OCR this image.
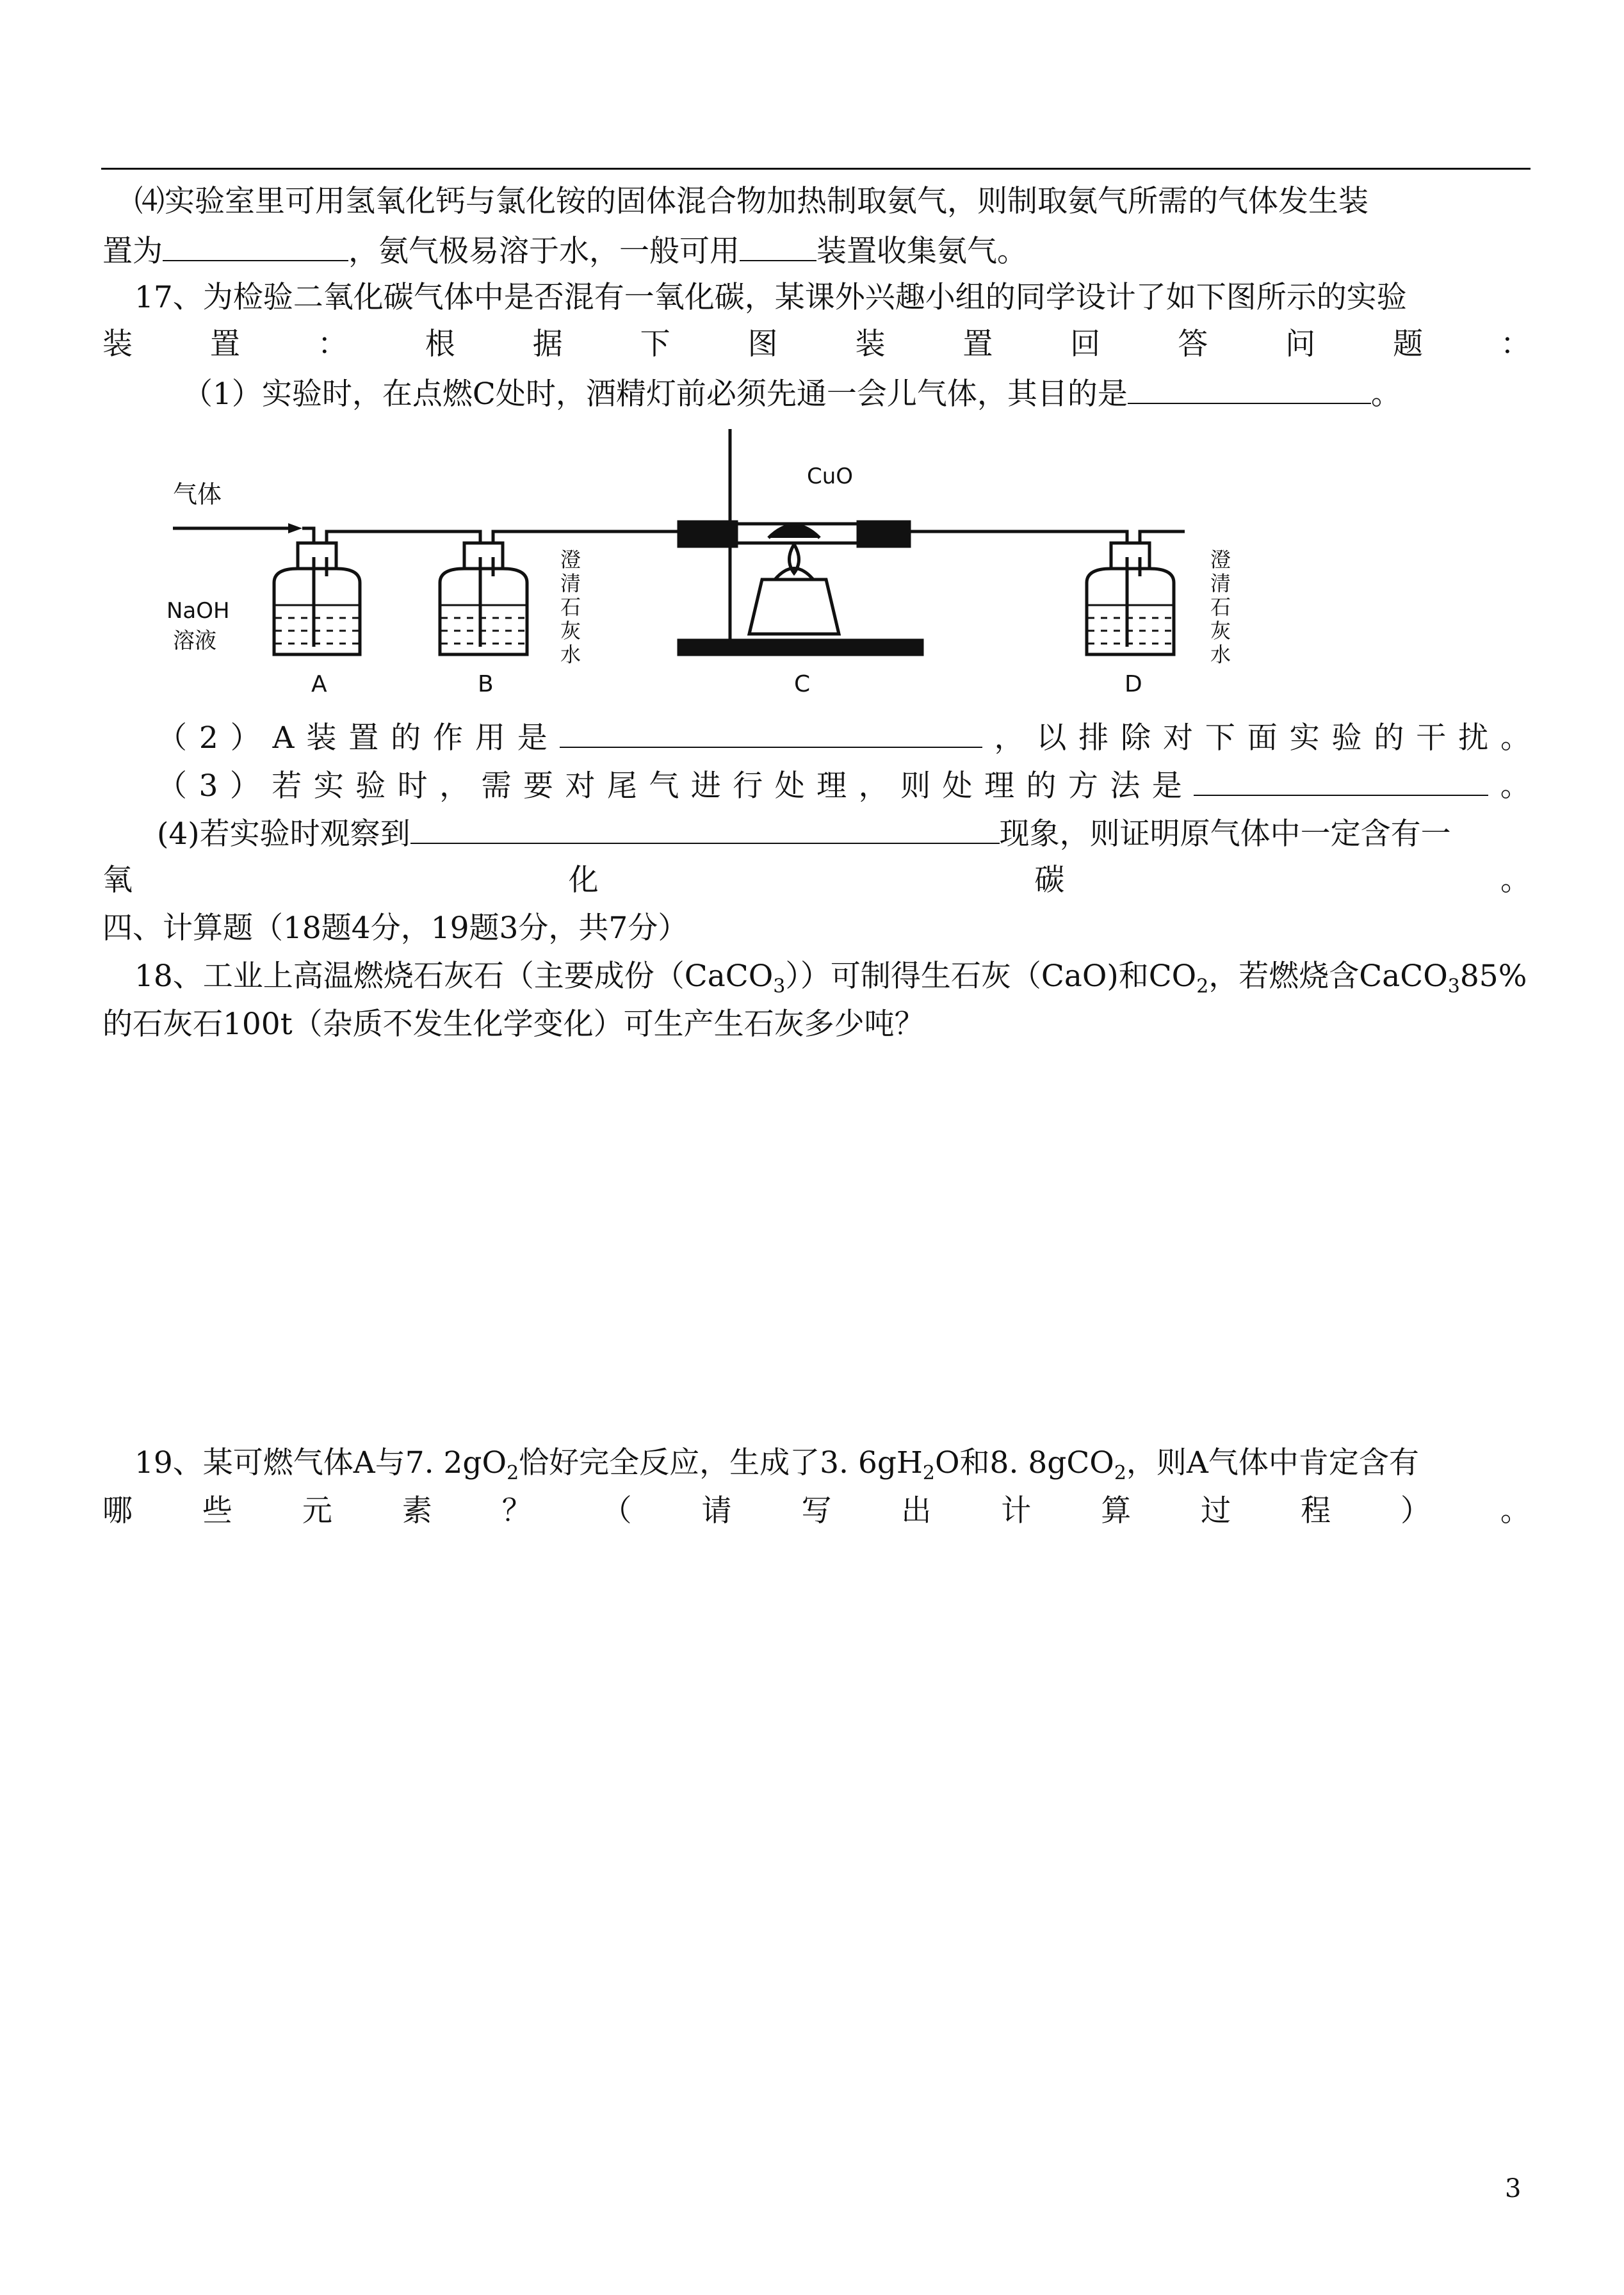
⑷实验室里可用氢氧化钙与氯化铵的固体混合物加热制取氨气，则制取氨气所需的气体发生装
置为	，氨气极易溶于水，一般可用	装置收集氨气。
17、为检验二氧化碳气体中是否混有一氧化碳，某课外兴趣小组的同学设计了如下图所示的实验
装	置	：	根	据	下	图	装	置	回	答	问	题	：
（1）实验时，在点燃C处时，酒精灯前必须先通一会儿气体，其目的是	。
气体
NaOH
溶液
CuO
澄
清
石
灰
水
澄
清
石
灰
水
A	B	C	D
（ 2 ） A 装 置 的 作 用 是	， 以 排 除 对 下 面 实 验 的 干 扰 。
（ 3 ） 若 实 验 时 ， 需 要 对 尾 气 进 行 处 理 ， 则 处 理 的 方 法 是	。
(4)若实验时观察到	现象，则证明原气体中一定含有一
氧	化	碳	。
四、计算题（18题4分，19题3分，共7分）
18、工业上高温燃烧石灰石（主要成份（CaCO$_3$））可制得生石灰（CaO)和$CO_2$，若燃烧含CaCO$_3$85%
的石灰石100t（杂质不发生化学变化）可生产生石灰多少吨？
19、某可燃气体A与7. $2gO_2$恰好完全反应，生成了3. $6gH_2O$和8. 8gCO$_2$，则A气体中肯定含有
哪 些 元 素 ？ （ 请 写 出 计 算 过 程 ） 。
3
